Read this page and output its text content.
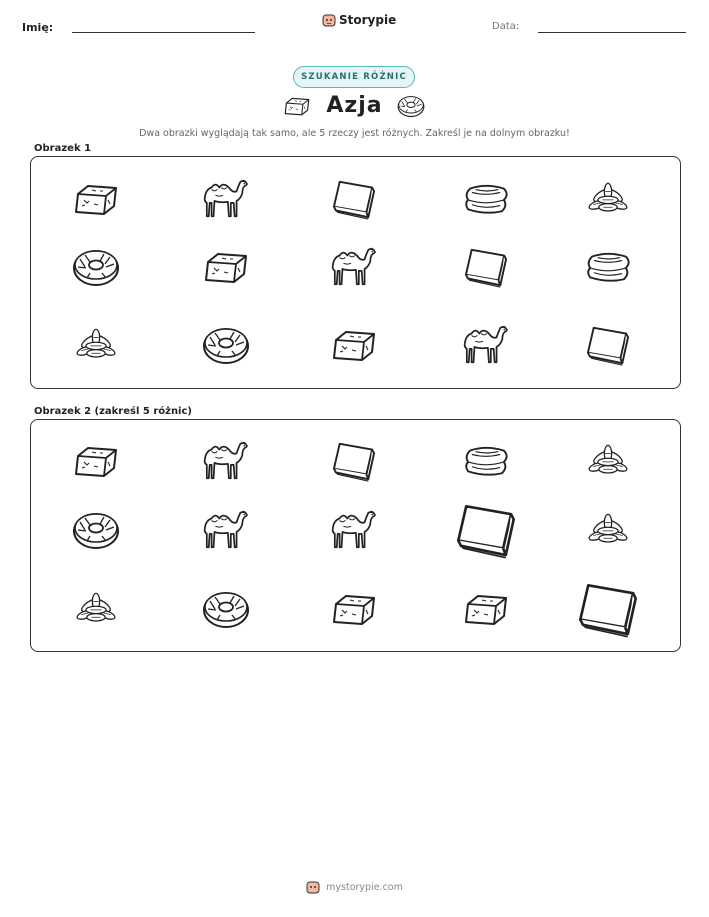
Imię:
Storypie	Data:
SZUKANIE RÓŻNIC
Azja
Dwa obrazki wyglądają tak samo, ale 5 rzeczy jest różnych. Zakreśl je na dolnym obrazku!
Obrazek 1
Obrazek 2 (zakreśl 5 różnic)
mystorypie.com
